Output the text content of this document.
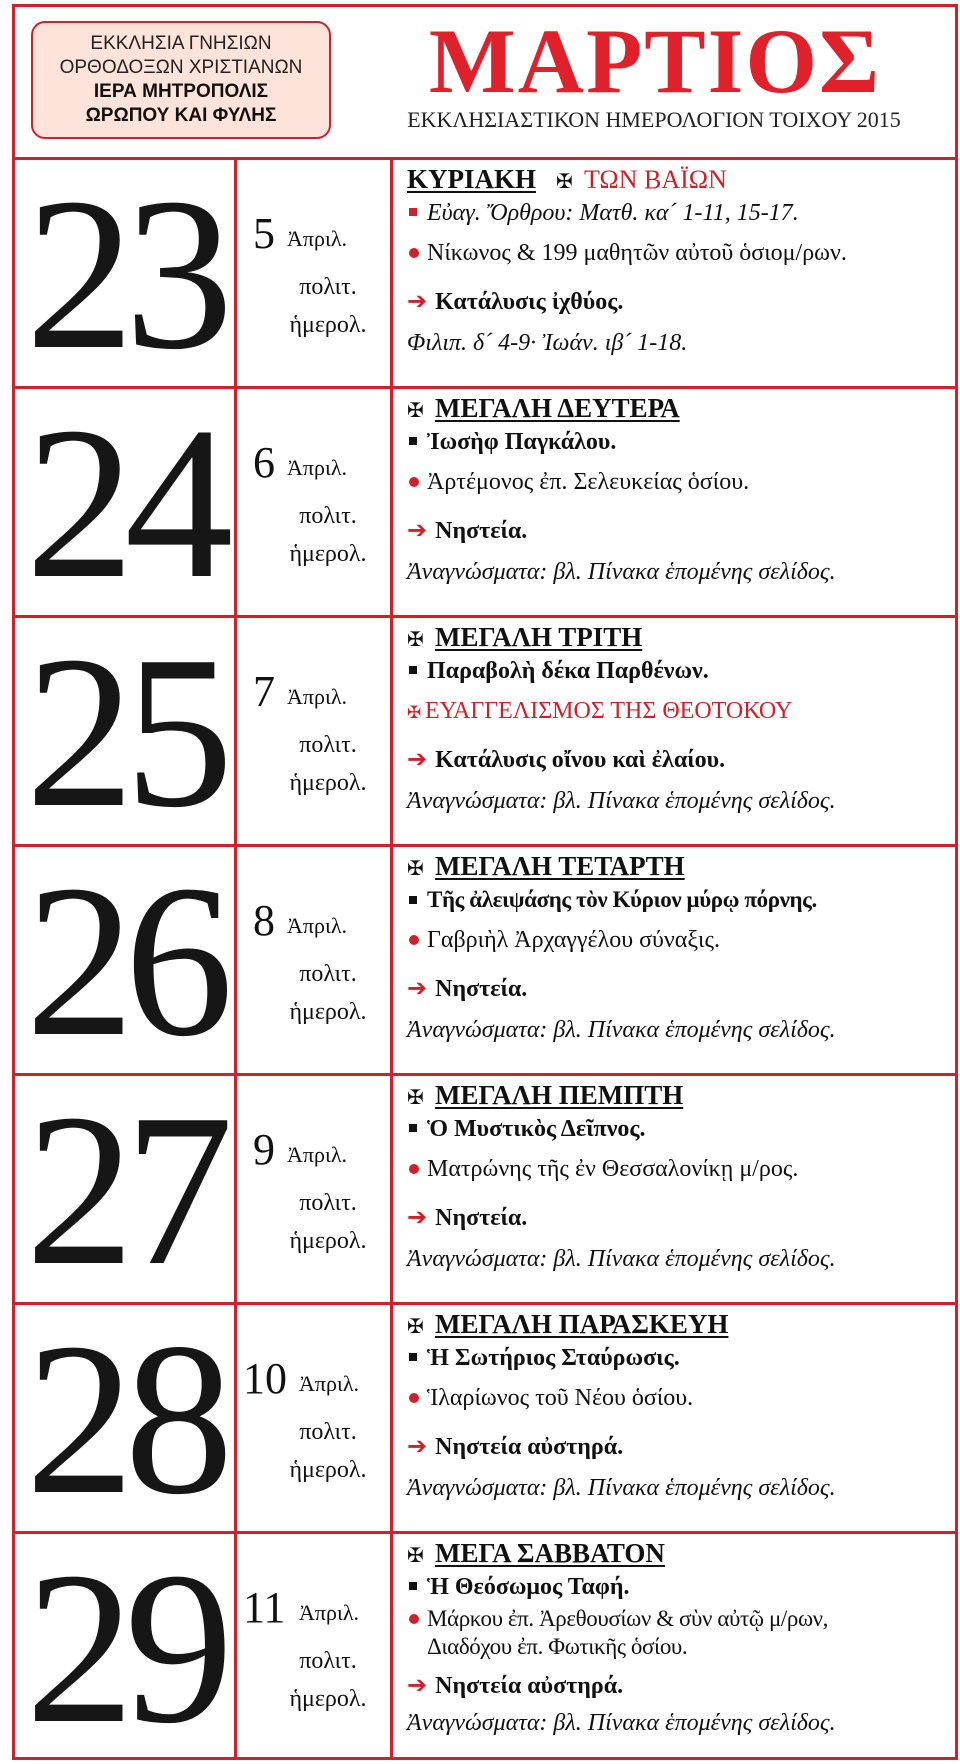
ΕΚΚΛΗΣΙΑ ΓΝΗΣΙΩΝ
ΟΡΘΟΔΟΞΩΝ ΧΡΙΣΤΙΑΝΩΝ
ΙΕΡΑ ΜΗΤΡΟΠΟΛΙΣ
ΩΡΩΠΟΥ ΚΑΙ ΦΥΛΗΣ
ΜΑΡΤΙΟΣ
ΕΚΚΛΗΣΙΑΣΤΙΚΟΝ ΗΜΕΡΟΛΟΓΙΟΝ ΤΟΙΧΟΥ 2015
23 5 Ἀπριλ.
πολιτ.
ἡμερολ.
ΚΥΡΙΑΚΗ ✠ ΤΩΝ ΒΑΪΩΝ
Εὐαγ. Ὄρθρου: Ματθ. κα´ 1-11, 15-17.
Νίκωνος & 199 μαθητῶν αὐτοῦ ὁσιομ/ρων.
➔ Κατάλυσις ἰχθύος.
Φιλιπ. δ´ 4-9· Ἰωάν. ιβ´ 1-18.
24 6 Ἀπριλ.
πολιτ.
ἡμερολ.
✠ ΜΕΓΑΛΗ ΔΕΥΤΕΡΑ
Ἰωσὴφ Παγκάλου.
Ἀρτέμονος ἐπ. Σελευκείας ὁσίου.
➔ Νηστεία.
Ἀναγνώσματα: βλ. Πίνακα ἑπομένης σελίδος.
25 7 Ἀπριλ.
πολιτ.
ἡμερολ.
✠ ΜΕΓΑΛΗ ΤΡΙΤΗ
Παραβολὴ δέκα Παρθένων.
✠ ΕΥΑΓΓΕΛΙΣΜΟΣ ΤΗΣ ΘΕΟΤΟΚΟΥ
➔ Κατάλυσις οἴνου καὶ ἐλαίου.
Ἀναγνώσματα: βλ. Πίνακα ἑπομένης σελίδος.
26 8 Ἀπριλ.
πολιτ.
ἡμερολ.
✠ ΜΕΓΑΛΗ ΤΕΤΑΡΤΗ
Τῆς ἀλειψάσης τὸν Κύριον μύρῳ πόρνης.
Γαβριὴλ Ἀρχαγγέλου σύναξις.
➔ Νηστεία.
Ἀναγνώσματα: βλ. Πίνακα ἑπομένης σελίδος.
27 9 Ἀπριλ.
πολιτ.
ἡμερολ.
✠ ΜΕΓΑΛΗ ΠΕΜΠΤΗ
Ὁ Μυστικὸς Δεῖπνος.
Ματρώνης τῆς ἐν Θεσσαλονίκῃ μ/ρος.
➔ Νηστεία.
Ἀναγνώσματα: βλ. Πίνακα ἑπομένης σελίδος.
28 10 Ἀπριλ.
πολιτ.
ἡμερολ.
✠ ΜΕΓΑΛΗ ΠΑΡΑΣΚΕΥΗ
Ἡ Σωτήριος Σταύρωσις.
Ἱλαρίωνος τοῦ Νέου ὁσίου.
➔ Νηστεία αὐστηρά.
Ἀναγνώσματα: βλ. Πίνακα ἑπομένης σελίδος.
29 11 Ἀπριλ.
πολιτ.
ἡμερολ.
✠ ΜΕΓΑ ΣΑΒΒΑΤΟΝ
Ἡ Θεόσωμος Ταφή.
Μάρκου ἐπ. Ἀρεθουσίων & σὺν αὐτῷ μ/ρων,
Διαδόχου ἐπ. Φωτικῆς ὁσίου.
➔ Νηστεία αὐστηρά.
Ἀναγνώσματα: βλ. Πίνακα ἑπομένης σελίδος.
